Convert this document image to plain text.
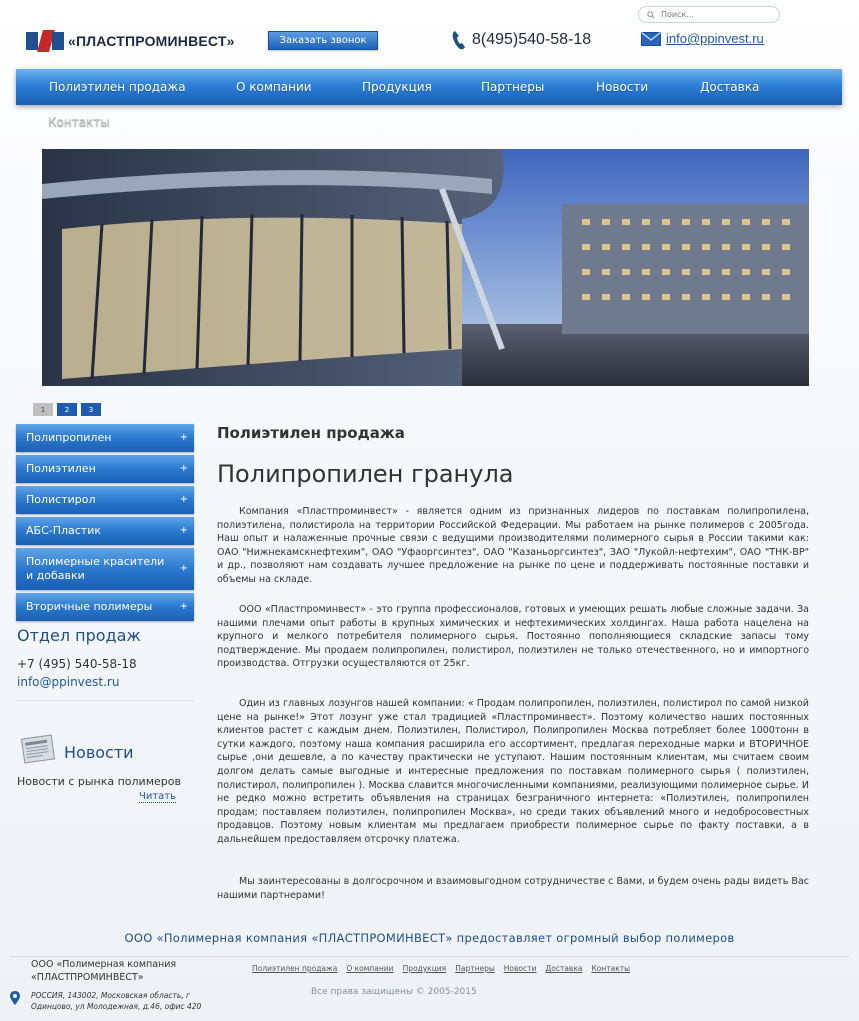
Поиск...
«ПЛАСТПРОМИНВЕСТ»	Заказать звонок	8(495)540-58-18	info@ppinvest.ru
Полиэтилен продажа	О компании	Продукция	Партнеры	Новости	Доставка
Контакты
1	2	3
Полипропилен	+
Полиэтилен	+
Полистирол	+
АБС-Пластик	+
Полимерные красители и добавки
+
Вторичные полимеры	+
Отдел продаж
+7 (495) 540-58-18
info@ppinvest.ru
Новости
Новости с рынка полимеров
Читать
Полиэтилен продажа
Полипропилен гранула

Компания «Пластпроминвест» - является одним из признанных лидеров по поставкам полипропилена, полиэтилена, полистирола на территории Российской Федерации. Мы работаем на рынке полимеров с 2005года. Наш опыт и налаженные прочные связи с ведущими производителями полимерного сырья в России такими как: ОАО "Нижнекамскнефтехим", ОАО "Уфаоргсинтез", ОАО "Казаньоргсинтез", ЗАО "Лукойл-нефтехим", ОАО "ТНК-ВР" и др., позволяют нам создавать лучшее предложение на рынке по цене и поддерживать постоянные поставки и объемы на складе.

ООО «Пластпроминвест» - это группа профессионалов, готовых и умеющих решать любые сложные задачи. За нашими плечами опыт работы в крупных химических и нефтехимических холдингах. Наша работа нацелена на крупного и мелкого потребителя полимерного сырья. Постоянно пополняющиеся складские запасы тому подтверждение. Мы продаем полипропилен, полистирол, полиэтилен не только отечественного, но и импортного производства. Отгрузки осуществляются от 25кг.

Один из главных лозунгов нашей компании: « Продам полипропилен, полиэтилен, полистирол по самой низкой цене на рынке!» Этот лозунг уже стал традицией «Пластпроминвест». Поэтому количество наших постоянных клиентов растет с каждым днем. Полиэтилен, Полистирол, Полипропилен Москва потребляет более 1000тонн в сутки каждого, поэтому наша компания расширила его ассортимент, предлагая переходные марки и ВТОРИЧНОЕ сырье ,они дешевле, а по качеству практически не уступают. Нашим постоянным клиентам, мы считаем своим долгом делать самые выгодные и интересные предложения по поставкам полимерного сырья ( полиэтилен, полистирол, полипропилен ). Москва славится многочисленными компаниями, реализующими полимерное сырье. И не редко можно встретить объявления на страницах безграничного интернета: «Полиэтилен, полипропилен продам; поставляем полиэтилен, полипропилен Москва», но среди таких объявлений много и недобросовестных продавцов. Поэтому новым клиентам мы предлагаем приобрести полимерное сырье по факту поставки, а в дальнейшем предоставляем отсрочку платежа.

Мы заинтересованы в долгосрочном и взаимовыгодном сотрудничестве с Вами, и будем очень рады видеть Вас нашими партнерами!

ООО «Полимерная компания «ПЛАСТПРОМИНВЕСТ» предоставляет огромный выбор полимеров
ООО «Полимерная компания
«ПЛАСТПРОМИНВЕСТ»
РОССИЯ, 143002, Московская область, г
Одинцово, ул Молодежная, д.46, офис 420
Полиэтилен продажа О компании Продукция Партнеры Новости Доставка Контакты
Все права защищены © 2005-2015
